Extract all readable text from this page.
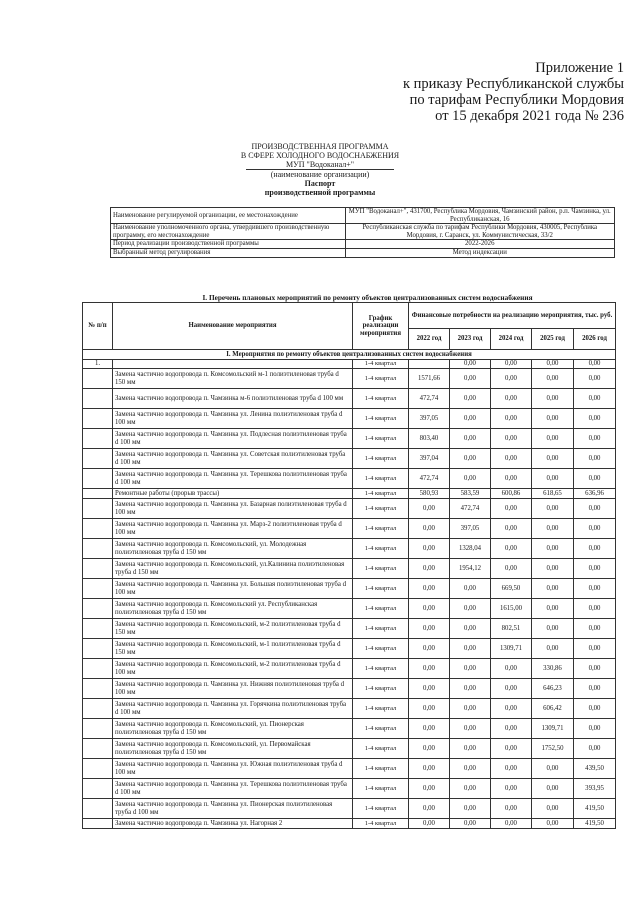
Приложение 1
к приказу Республиканской службы
по тарифам Республики Мордовия
от 15 декабря 2021 года № 236
ПРОИЗВОДСТВЕННАЯ ПРОГРАММА
В СФЕРЕ ХОЛОДНОГО ВОДОСНАБЖЕНИЯ
МУП "Водоканал+"
(наименование организации)
Паспорт
производственной программы
Наименование регулируемой организации, ее местонахождение	МУП "Водоканал+", 431700, Республика Мордовия, Чамзинский район, р.п. Чамзинка, ул. Республиканская, 16
Наименование уполномоченного органа, утвердившего производственную программу, его местонахождение	Республиканская служба по тарифам Республики Мордовия, 430005, Республика Мордовия, г. Саранск, ул. Коммунистическая, 33/2
Период реализации производственной программы	2022-2026
Выбранный метод регулирования	Метод индексации
I. Перечень плановых мероприятий по ремонту объектов централизованных систем водоснабжения
№ п/п	Наименование мероприятия	График реализации мероприятия	Финансовые потребности на реализацию мероприятия, тыс. руб.				
			2022 год	2023 год	2024 год	2025 год	2026 год
I. Мероприятия по ремонту объектов централизованных систем водоснабжения							
1.		1-4 квартал		0,00	0,00	0,00	0,00
	Замена частично водопровода п. Комсомольский м-1 полиэтиленовая труба d 150 мм	1-4 квартал	1571,66	0,00	0,00	0,00	0,00
	Замена частично водопровода п. Чамзинка м-6 полиэтиленовая труба d 100 мм	1-4 квартал	472,74	0,00	0,00	0,00	0,00
	Замена частично водопровода п. Чамзинка ул. Ленина полиэтиленовая труба d 100 мм	1-4 квартал	397,05	0,00	0,00	0,00	0,00
	Замена частично водопровода п. Чамзинка ул. Подлесная полиэтиленовая труба d 100 мм	1-4 квартал	803,40	0,00	0,00	0,00	0,00
	Замена частично водопровода п. Чамзинка ул. Советская полиэтиленовая труба d 100 мм	1-4 квартал	397,04	0,00	0,00	0,00	0,00
	Замена частично водопровода п. Чамзинка ул. Терешкова полиэтиленовая труба d 100 мм	1-4 квартал	472,74	0,00	0,00	0,00	0,00
	Ремонтные работы (прорыв трассы)	1-4 квартал	580,93	583,59	600,86	618,65	636,96
	Замена частично водопровода п. Чамзинка ул. Базарная полиэтиленовая труба d 100 мм	1-4 квартал	0,00	472,74	0,00	0,00	0,00
	Замена частично водопровода п. Чамзинка ул. Марз-2 полиэтиленовая труба d 100 мм	1-4 квартал	0,00	397,05	0,00	0,00	0,00
	Замена частично водопровода п. Комсомольский, ул. Молодежная полиэтиленовая труба d 150 мм	1-4 квартал	0,00	1328,04	0,00	0,00	0,00
	Замена частично водопровода п. Комсомольский, ул.Калинина полиэтиленовая труба d 150 мм	1-4 квартал	0,00	1954,12	0,00	0,00	0,00
	Замена частично водопровода п. Чамзинка ул. Большая полиэтиленовая труба d 100 мм	1-4 квартал	0,00	0,00	669,50	0,00	0,00
	Замена частично водопровода п. Комсомольский ул. Республиканская полиэтиленовая труба d 150 мм	1-4 квартал	0,00	0,00	1615,00	0,00	0,00
	Замена частично водопровода п. Комсомольский, м-2 полиэтиленовая труба d 150 мм	1-4 квартал	0,00	0,00	802,51	0,00	0,00
	Замена частично водопровода п. Комсомольский, м-1 полиэтиленовая труба d 150 мм	1-4 квартал	0,00	0,00	1309,71	0,00	0,00
	Замена частично водопровода п. Комсомольский, м-2 полиэтиленовая труба d 100 мм	1-4 квартал	0,00	0,00	0,00	330,86	0,00
	Замена частично водопровода п. Чамзинка ул. Нижняя полиэтиленовая труба d 100 мм	1-4 квартал	0,00	0,00	0,00	646,23	0,00
	Замена частично водопровода п. Чамзинка ул. Горячкина полиэтиленовая труба d 100 мм	1-4 квартал	0,00	0,00	0,00	606,42	0,00
	Замена частично водопровода п. Комсомольский, ул. Пионерская полиэтиленовая труба d 150 мм	1-4 квартал	0,00	0,00	0,00	1309,71	0,00
	Замена частично водопровода п. Комсомольский, ул. Первомайская полиэтиленовая труба d 150 мм	1-4 квартал	0,00	0,00	0,00	1752,50	0,00
	Замена частично водопровода п. Чамзинка ул. Южная полиэтиленовая труба d 100 мм	1-4 квартал	0,00	0,00	0,00	0,00	439,50
	Замена частично водопровода п. Чамзинка ул. Терешкова полиэтиленовая труба d 100 мм	1-4 квартал	0,00	0,00	0,00	0,00	393,95
	Замена частично водопровода п. Чамзинка ул. Пионерская полиэтиленовая труба d 100 мм	1-4 квартал	0,00	0,00	0,00	0,00	419,50
	Замена частично водопровода п. Чамзинка ул. Нагорная 2	1-4 квартал	0,00	0,00	0,00	0,00	419,50
